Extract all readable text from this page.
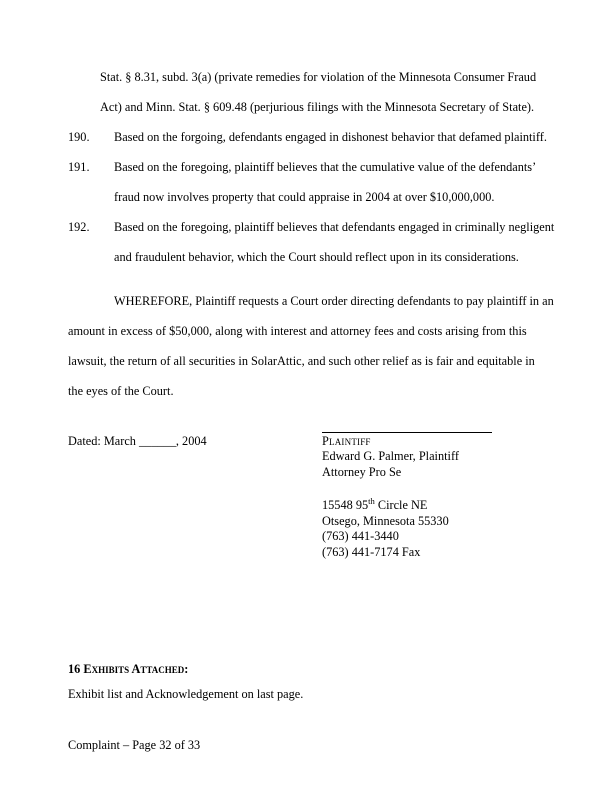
Stat. § 8.31, subd. 3(a) (private remedies for violation of the Minnesota Consumer Fraud
Act) and Minn. Stat. § 609.48 (perjurious filings with the Minnesota Secretary of State).
190.	Based on the forgoing, defendants engaged in dishonest behavior that defamed plaintiff.
191.	Based on the foregoing, plaintiff believes that the cumulative value of the defendants’
fraud now involves property that could appraise in 2004 at over $10,000,000.
192.	Based on the foregoing, plaintiff believes that defendants engaged in criminally negligent
and fraudulent behavior, which the Court should reflect upon in its considerations.
WHEREFORE, Plaintiff requests a Court order directing defendants to pay plaintiff in an
amount in excess of $50,000, along with interest and attorney fees and costs arising from this
lawsuit, the return of all securities in SolarAttic, and such other relief as is fair and equitable in
the eyes of the Court.
Dated: March ______, 2004	Plaintiff
Edward G. Palmer, Plaintiff
Attorney Pro Se
15548 95th Circle NE
Otsego, Minnesota 55330
(763) 441-3440
(763) 441-7174 Fax
16 Exhibits Attached:
Exhibit list and Acknowledgement on last page.
Complaint – Page 32 of 33
